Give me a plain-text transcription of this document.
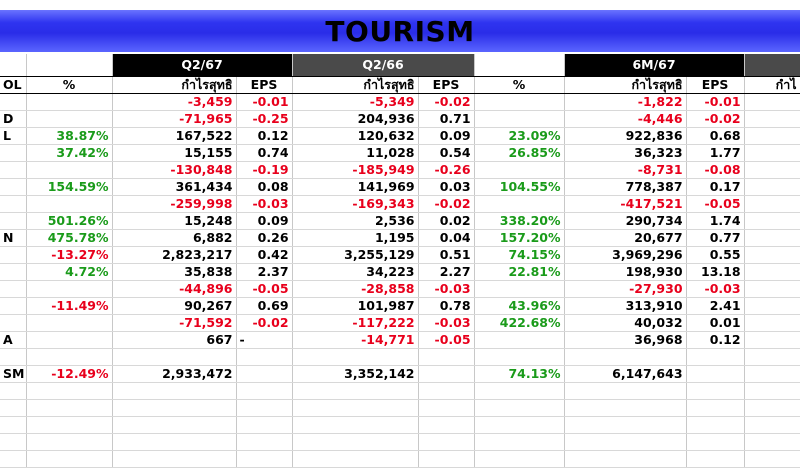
TOURISM
		Q2/67		Q2/66			6M/67		
OL	%	กำไรสุทธิ	EPS	กำไรสุทธิ	EPS	%	กำไรสุทธิ	EPS	กำไ
		-3,459	-0.01	-5,349	-0.02		-1,822	-0.01	
D		-71,965	-0.25	204,936	0.71		-4,446	-0.02	
L	38.87%	167,522	0.12	120,632	0.09	23.09%	922,836	0.68	
	37.42%	15,155	0.74	11,028	0.54	26.85%	36,323	1.77	
		-130,848	-0.19	-185,949	-0.26		-8,731	-0.08	
	154.59%	361,434	0.08	141,969	0.03	104.55%	778,387	0.17	
		-259,998	-0.03	-169,343	-0.02		-417,521	-0.05	
	501.26%	15,248	0.09	2,536	0.02	338.20%	290,734	1.74	
N	475.78%	6,882	0.26	1,195	0.04	157.20%	20,677	0.77	
	-13.27%	2,823,217	0.42	3,255,129	0.51	74.15%	3,969,296	0.55	
	4.72%	35,838	2.37	34,223	2.27	22.81%	198,930	13.18	
		-44,896	-0.05	-28,858	-0.03		-27,930	-0.03	
	-11.49%	90,267	0.69	101,987	0.78	43.96%	313,910	2.41	
		-71,592	-0.02	-117,222	-0.03	422.68%	40,032	0.01	
A		667	-	-14,771	-0.05		36,968	0.12	

SM	-12.49%	2,933,472		3,352,142		74.13%	6,147,643		
